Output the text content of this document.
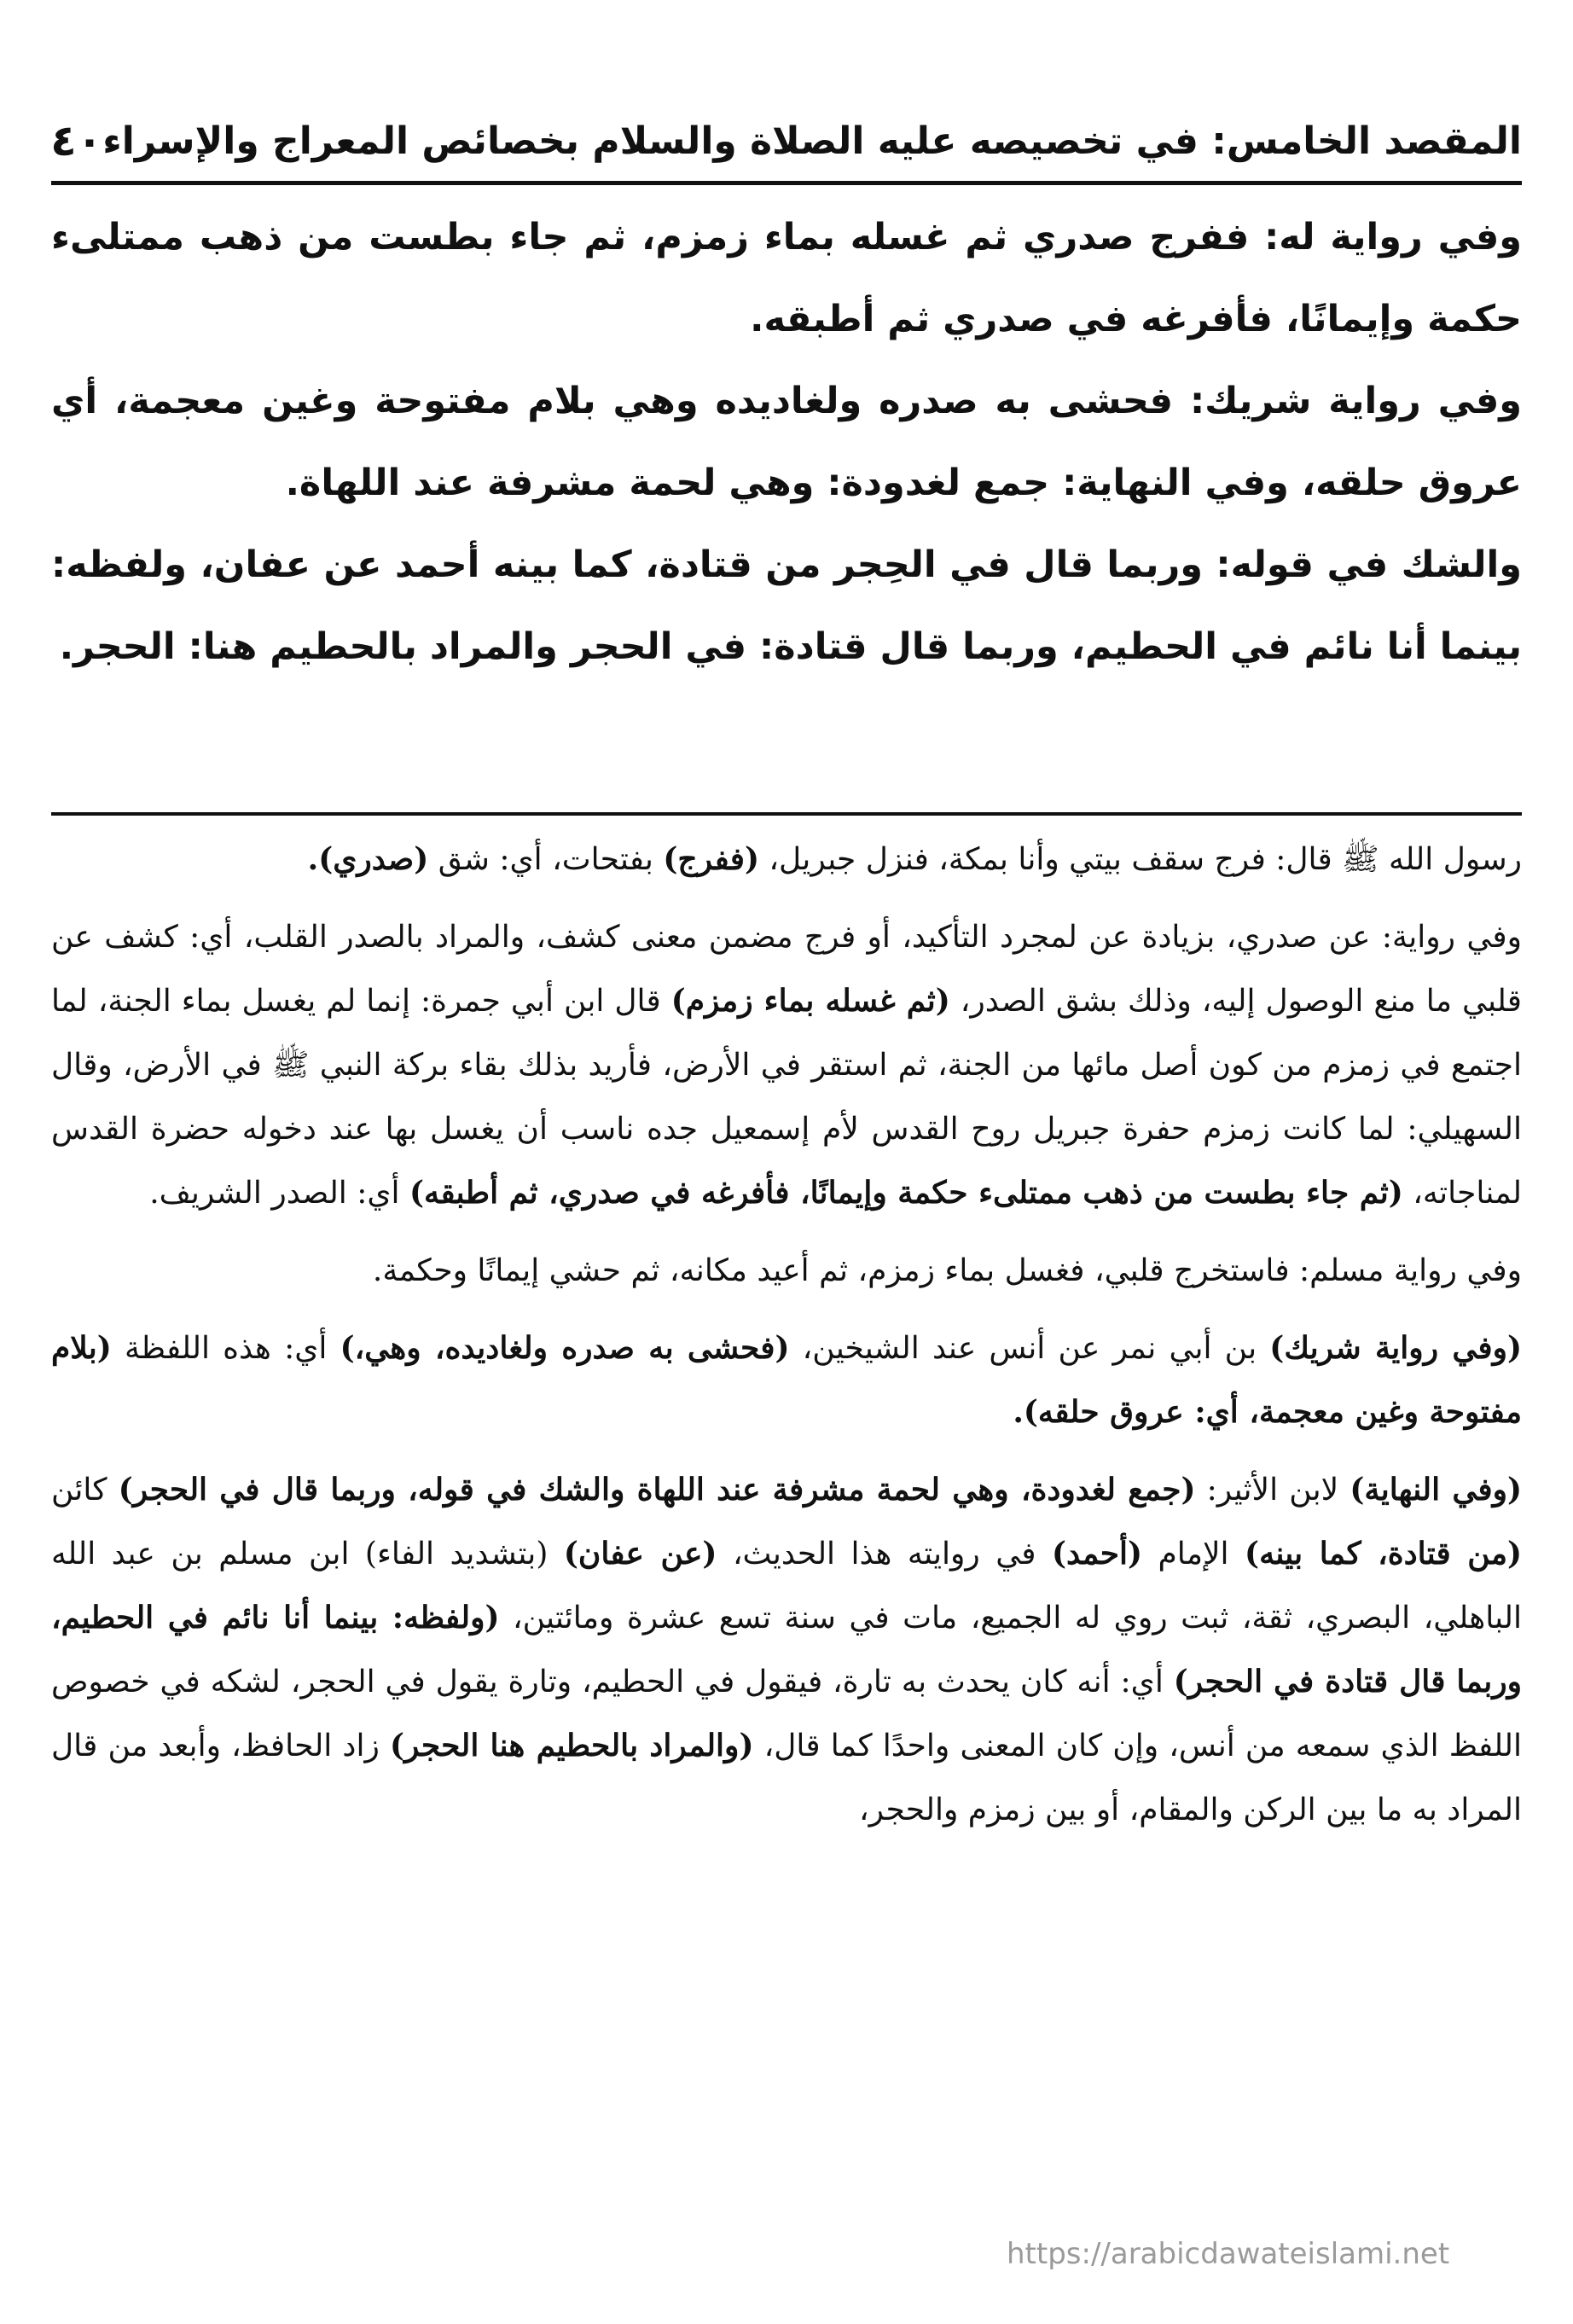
المقصد الخامس: في تخصيصه عليه الصلاة والسلام بخصائص المعراج والإسراء
٤٠

وفي رواية له: ففرج صدري ثم غسله بماء زمزم، ثم جاء بطست من ذهب ممتلىء حكمة وإيمانًا، فأفرغه في صدري ثم أطبقه.

وفي رواية شريك: فحشى به صدره ولغاديده وهي بلام مفتوحة وغين معجمة، أي عروق حلقه، وفي النهاية: جمع لغدودة: وهي لحمة مشرفة عند اللهاة.

والشك في قوله: وربما قال في الحِجر من قتادة، كما بينه أحمد عن عفان، ولفظه: بينما أنا نائم في الحطيم، وربما قال قتادة: في الحجر والمراد بالحطيم هنا: الحجر.

رسول الله ﷺ قال: فرج سقف بيتي وأنا بمكة، فنزل جبريل، (ففرج) بفتحات، أي: شق (صدري).

وفي رواية: عن صدري، بزيادة عن لمجرد التأكيد، أو فرج مضمن معنى كشف، والمراد بالصدر القلب، أي: كشف عن قلبي ما منع الوصول إليه، وذلك بشق الصدر، (ثم غسله بماء زمزم) قال ابن أبي جمرة: إنما لم يغسل بماء الجنة، لما اجتمع في زمزم من كون أصل مائها من الجنة، ثم استقر في الأرض، فأريد بذلك بقاء بركة النبي ﷺ في الأرض، وقال السهيلي: لما كانت زمزم حفرة جبريل روح القدس لأم إسمعيل جده ناسب أن يغسل بها عند دخوله حضرة القدس لمناجاته، (ثم جاء بطست من ذهب ممتلىء حكمة وإيمانًا، فأفرغه في صدري، ثم أطبقه) أي: الصدر الشريف.

وفي رواية مسلم: فاستخرج قلبي، فغسل بماء زمزم، ثم أعيد مكانه، ثم حشي إيمانًا وحكمة.

(وفي رواية شريك) بن أبي نمر عن أنس عند الشيخين، (فحشى به صدره ولغاديده، وهي،) أي: هذه اللفظة (بلام مفتوحة وغين معجمة، أي: عروق حلقه).

(وفي النهاية) لابن الأثير: (جمع لغدودة، وهي لحمة مشرفة عند اللهاة والشك في قوله، وربما قال في الحجر) كائن (من قتادة، كما بينه) الإمام (أحمد) في روايته هذا الحديث، (عن عفان) (بتشديد الفاء) ابن مسلم بن عبد الله الباهلي، البصري، ثقة، ثبت روي له الجميع، مات في سنة تسع عشرة ومائتين، (ولفظه: بينما أنا نائم في الحطيم، وربما قال قتادة في الحجر) أي: أنه كان يحدث به تارة، فيقول في الحطيم، وتارة يقول في الحجر، لشكه في خصوص اللفظ الذي سمعه من أنس، وإن كان المعنى واحدًا كما قال، (والمراد بالحطيم هنا الحجر) زاد الحافظ، وأبعد من قال المراد به ما بين الركن والمقام، أو بين زمزم والحجر،

https://arabicdawateislami.net
